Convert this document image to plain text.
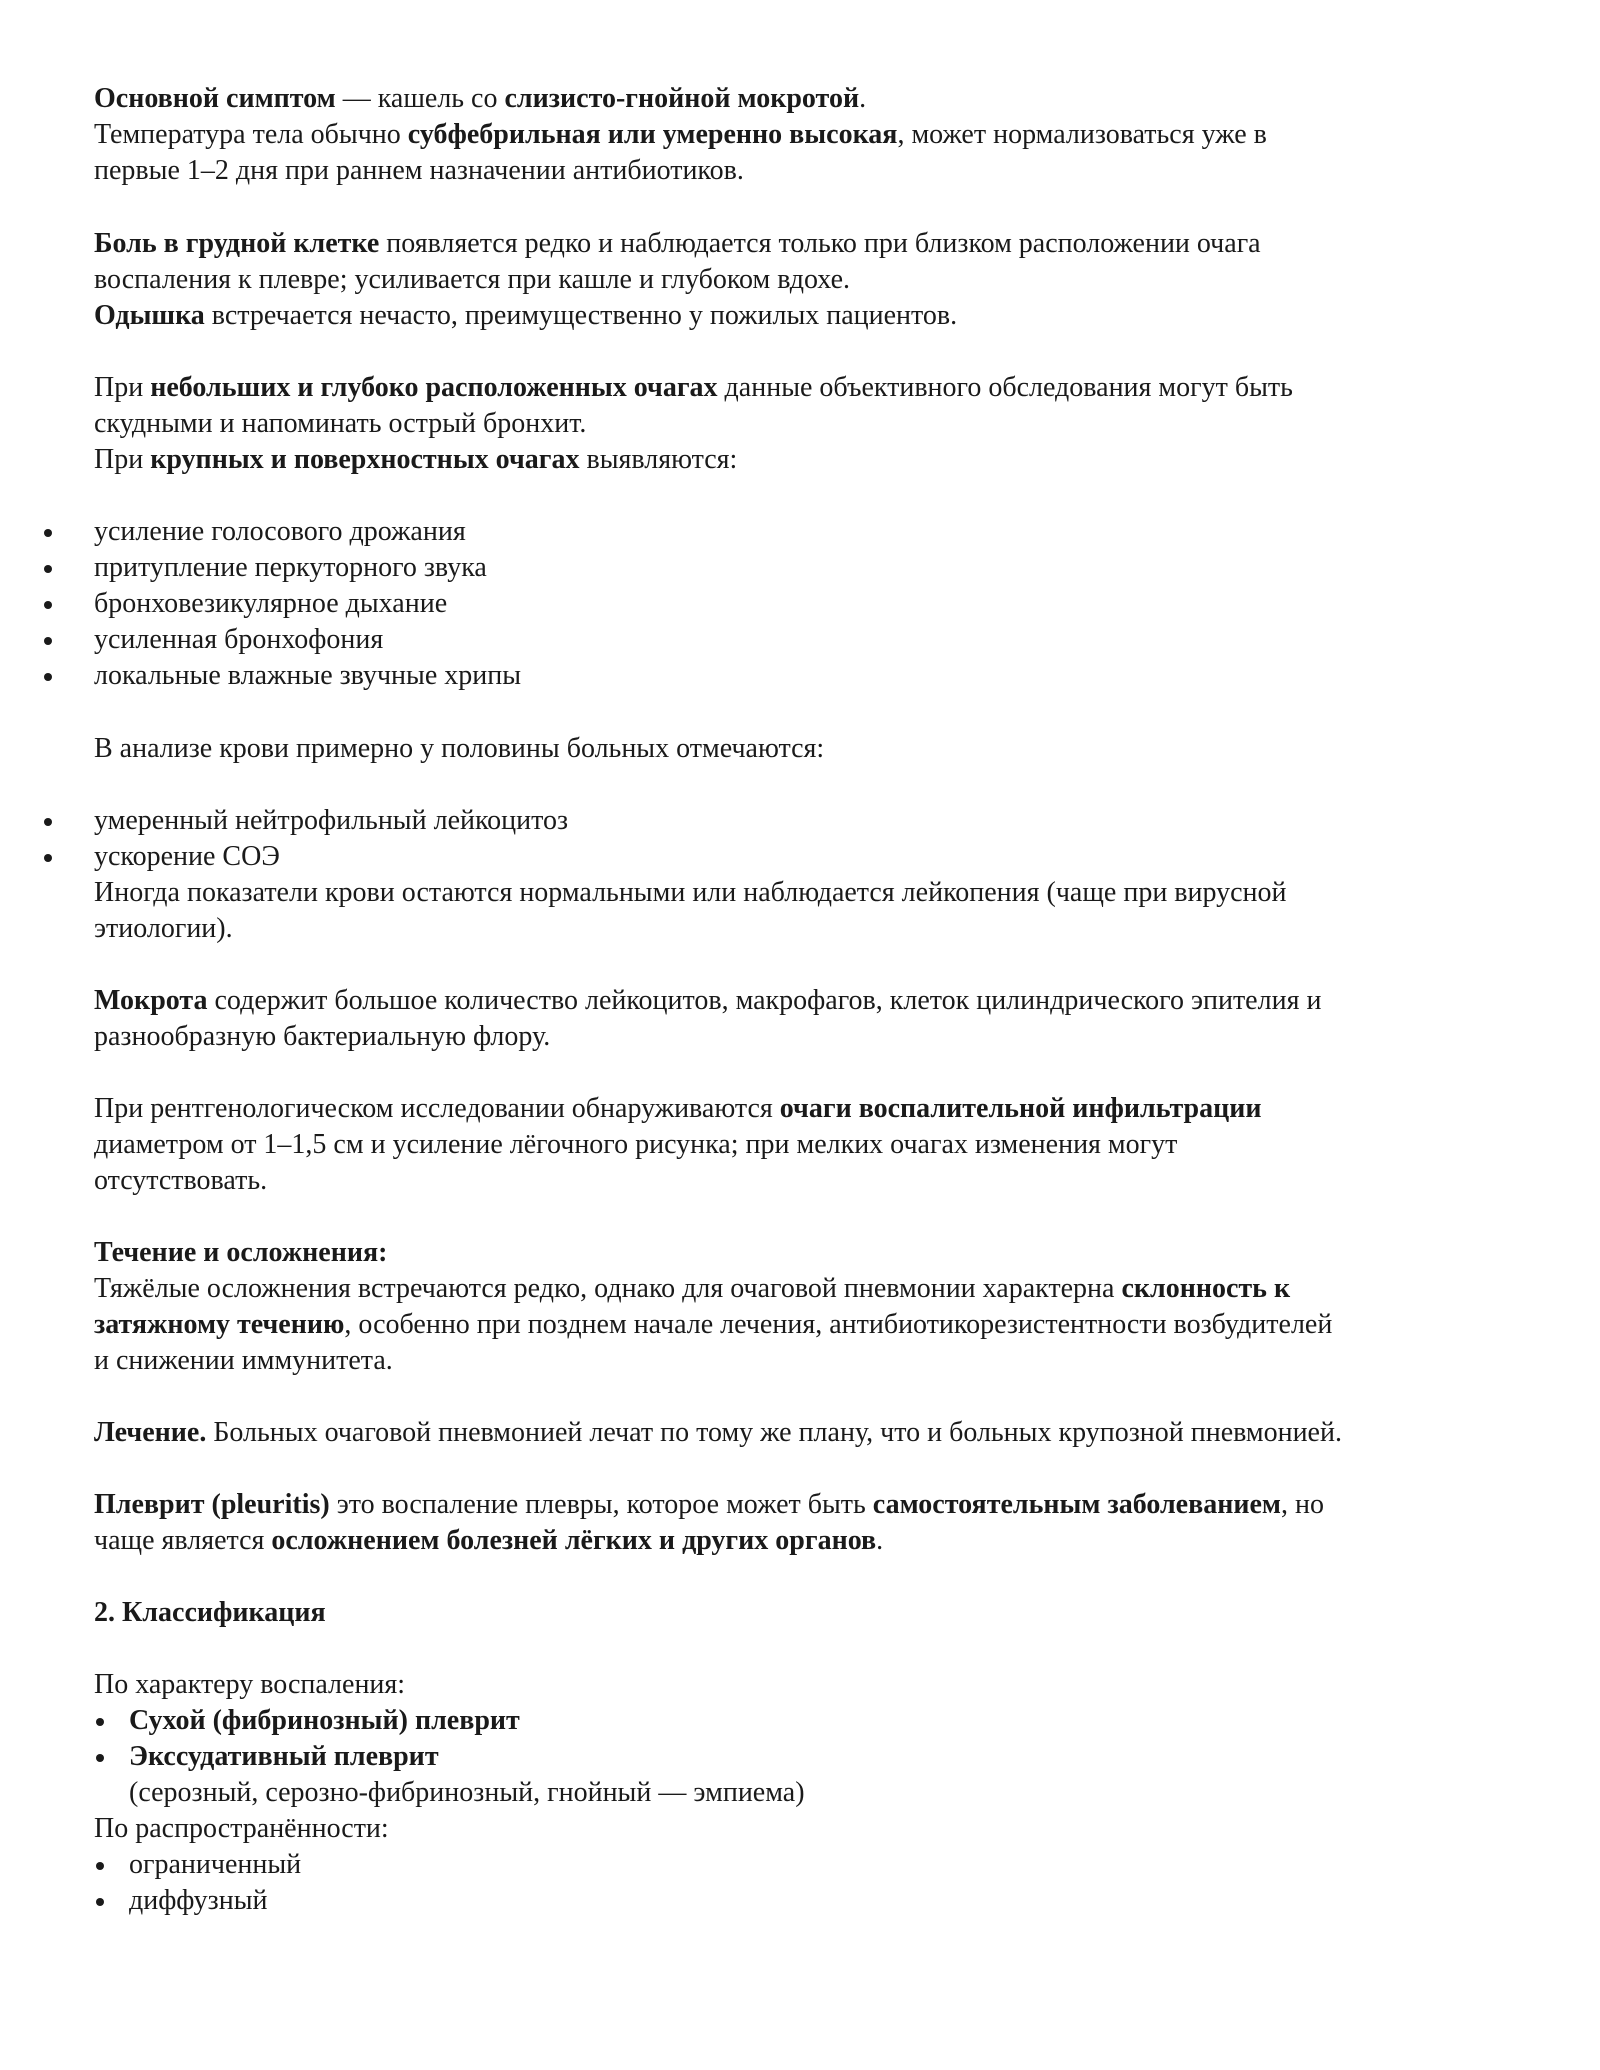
Основной симптом — кашель со слизисто-гнойной мокротой.
Температура тела обычно субфебрильная или умеренно высокая, может нормализоваться уже в
первые 1–2 дня при раннем назначении антибиотиков.

Боль в грудной клетке появляется редко и наблюдается только при близком расположении очага
воспаления к плевре; усиливается при кашле и глубоком вдохе.
Одышка встречается нечасто, преимущественно у пожилых пациентов.

При небольших и глубоко расположенных очагах данные объективного обследования могут быть
скудными и напоминать острый бронхит.
При крупных и поверхностных очагах выявляются:

усиление голосового дрожания
притупление перкуторного звука
бронховезикулярное дыхание
усиленная бронхофония
локальные влажные звучные хрипы

В анализе крови примерно у половины больных отмечаются:

умеренный нейтрофильный лейкоцитоз
ускорение СОЭ

Иногда показатели крови остаются нормальными или наблюдается лейкопения (чаще при вирусной
этиологии).

Мокрота содержит большое количество лейкоцитов, макрофагов, клеток цилиндрического эпителия и
разнообразную бактериальную флору.

При рентгенологическом исследовании обнаруживаются очаги воспалительной инфильтрации
диаметром от 1–1,5 см и усиление лёгочного рисунка; при мелких очагах изменения могут
отсутствовать.

Течение и осложнения:
Тяжёлые осложнения встречаются редко, однако для очаговой пневмонии характерна склонность к
затяжному течению, особенно при позднем начале лечения, антибиотикорезистентности возбудителей
и снижении иммунитета.

Лечение. Больных очаговой пневмонией лечат по тому же плану, что и больных крупозной пневмонией.

Плеврит (pleuritis) это воспаление плевры, которое может быть самостоятельным заболеванием, но
чаще является осложнением болезней лёгких и других органов.

2. Классификация

По характеру воспаления:

Сухой (фибринозный) плеврит
Экссудативный плеврит

(серозный, серозно-фибринозный, гнойный — эмпиема)

По распространённости:

ограниченный
диффузный
